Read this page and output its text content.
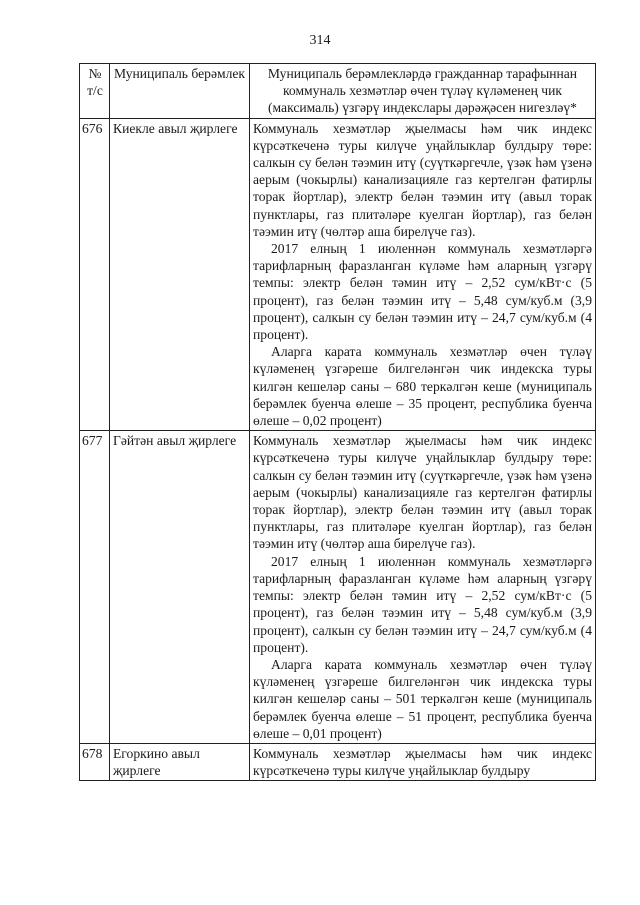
314
№ т/с	Муниципаль берәмлек	Муниципаль берәмлекләрдә гражданнар тарафыннан коммуналь хезмәтләр өчен түләү күләменең чик (максималь) үзгәрү индекслары дәрәҗәсен нигезләү*
676	Киекле авыл җирлеге	Коммуналь хезмәтләр җыелмасы һәм чик индекс күрсәткеченә туры килүче уңайлыклар булдыру төре: салкын су белән тәэмин итү (суүткәргечле, үзәк һәм үзенә аерым (чокырлы) канализацияле газ кертелгән фатирлы торак йортлар), электр белән тәэмин итү (авыл торак пунктлары, газ плитәләре куелган йортлар), газ белән тәэмин итү (чөлтәр аша бирелүче газ).
2017 елның 1 июленнән коммуналь хезмәтләргә тарифларның фаразланган күләме һәм аларның үзгәрү темпы: электр белән тәмин итү – 2,52 сум/кВт·с (5 процент), газ белән тәэмин итү – 5,48 сум/куб.м (3,9 процент), салкын су белән тәэмин итү – 24,7 сум/куб.м (4 процент).
Аларга карата коммуналь хезмәтләр өчен түләү күләменең үзгәреше билгеләнгән чик индекска туры килгән кешеләр саны – 680 теркәлгән кеше (муниципаль берәмлек буенча өлеше – 35 процент, республика буенча өлеше – 0,02 процент)

677	Гәйтән авыл җирлеге	Коммуналь хезмәтләр җыелмасы һәм чик индекс күрсәткеченә туры килүче уңайлыклар булдыру төре: салкын су белән тәэмин итү (суүткәргечле, үзәк һәм үзенә аерым (чокырлы) канализацияле газ кертелгән фатирлы торак йортлар), электр белән тәэмин итү (авыл торак пунктлары, газ плитәләре куелган йортлар), газ белән тәэмин итү (чөлтәр аша бирелүче газ).
2017 елның 1 июленнән коммуналь хезмәтләргә тарифларның фаразланган күләме һәм аларның үзгәрү темпы: электр белән тәмин итү – 2,52 сум/кВт·с (5 процент), газ белән тәэмин итү – 5,48 сум/куб.м (3,9 процент), салкын су белән тәэмин итү – 24,7 сум/куб.м (4 процент).
Аларга карата коммуналь хезмәтләр өчен түләү күләменең үзгәреше билгеләнгән чик индекска туры килгән кешеләр саны – 501 теркәлгән кеше (муниципаль берәмлек буенча өлеше – 51 процент, республика буенча өлеше – 0,01 процент)

678	Егоркино авыл җирлеге	Коммуналь хезмәтләр җыелмасы һәм чик индекс күрсәткеченә туры килүче уңайлыклар булдыру
